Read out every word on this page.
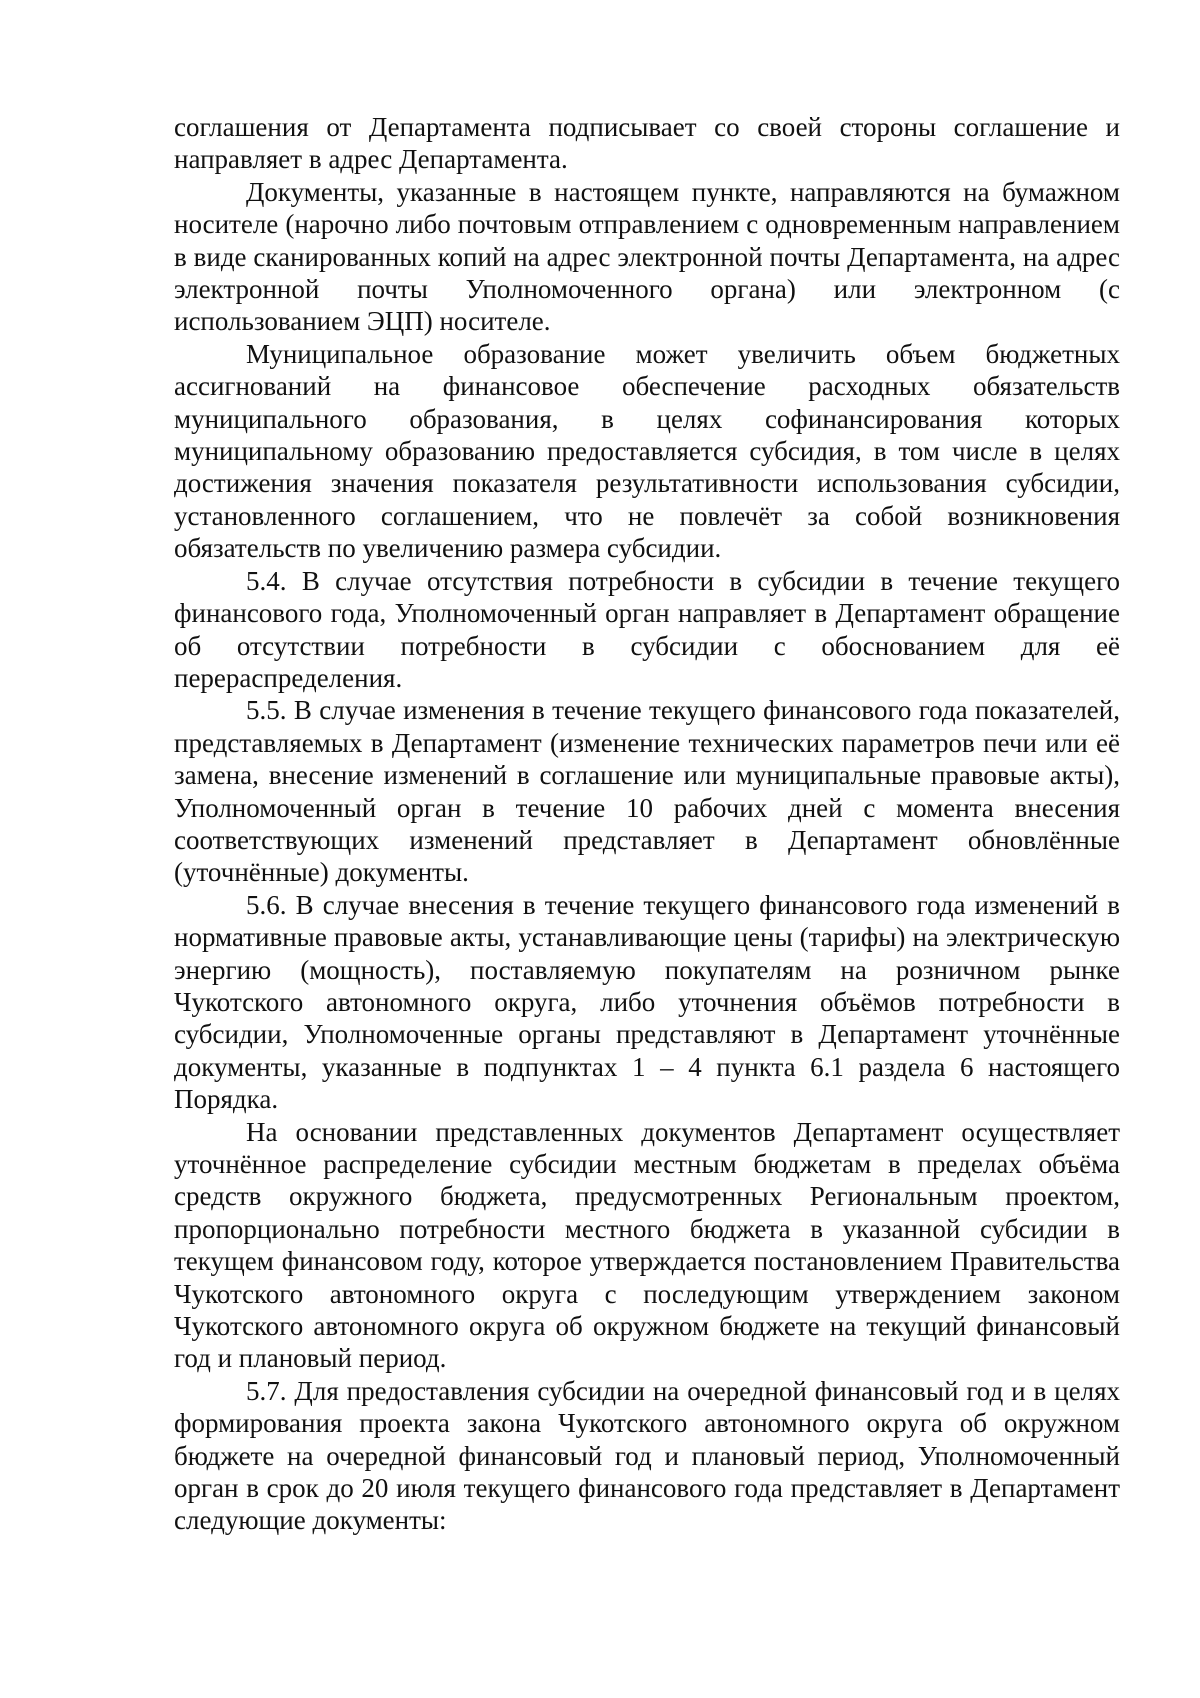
соглашения от Департамента подписывает со своей стороны соглашение и направляет в адрес Департамента.

Документы, указанные в настоящем пункте, направляются на бумажном носителе (нарочно либо почтовым отправлением с одновременным направлением в виде сканированных копий на адрес электронной почты Департамента, на адрес электронной почты Уполномоченного органа) или электронном (с использованием ЭЦП) носителе.

Муниципальное образование может увеличить объем бюджетных ассигнований на финансовое обеспечение расходных обязательств муниципального образования, в целях софинансирования которых муниципальному образованию предоставляется субсидия, в том числе в целях достижения значения показателя результативности использования субсидии, установленного соглашением, что не повлечёт за собой возникновения обязательств по увеличению размера субсидии.

5.4. В случае отсутствия потребности в субсидии в течение текущего финансового года, Уполномоченный орган направляет в Департамент обращение об отсутствии потребности в субсидии с обоснованием для её перераспределения.

5.5. В случае изменения в течение текущего финансового года показателей, представляемых в Департамент (изменение технических параметров печи или её замена, внесение изменений в соглашение или муниципальные правовые акты), Уполномоченный орган в течение 10 рабочих дней с момента внесения соответствующих изменений представляет в Департамент обновлённые (уточнённые) документы.

5.6. В случае внесения в течение текущего финансового года изменений в нормативные правовые акты, устанавливающие цены (тарифы) на электрическую энергию (мощность), поставляемую покупателям на розничном рынке Чукотского автономного округа, либо уточнения объёмов потребности в субсидии, Уполномоченные органы представляют в Департамент уточнённые документы, указанные в подпунктах 1 – 4 пункта 6.1 раздела 6 настоящего Порядка.

На основании представленных документов Департамент осуществляет уточнённое распределение субсидии местным бюджетам в пределах объёма средств окружного бюджета, предусмотренных Региональным проектом, пропорционально потребности местного бюджета в указанной субсидии в текущем финансовом году, которое утверждается постановлением Правительства Чукотского автономного округа с последующим утверждением законом Чукотского автономного округа об окружном бюджете на текущий финансовый год и плановый период.

5.7. Для предоставления субсидии на очередной финансовый год и в целях формирования проекта закона Чукотского автономного округа об окружном бюджете на очередной финансовый год и плановый период, Уполномоченный орган в срок до 20 июля текущего финансового года представляет в Департамент следующие документы:
